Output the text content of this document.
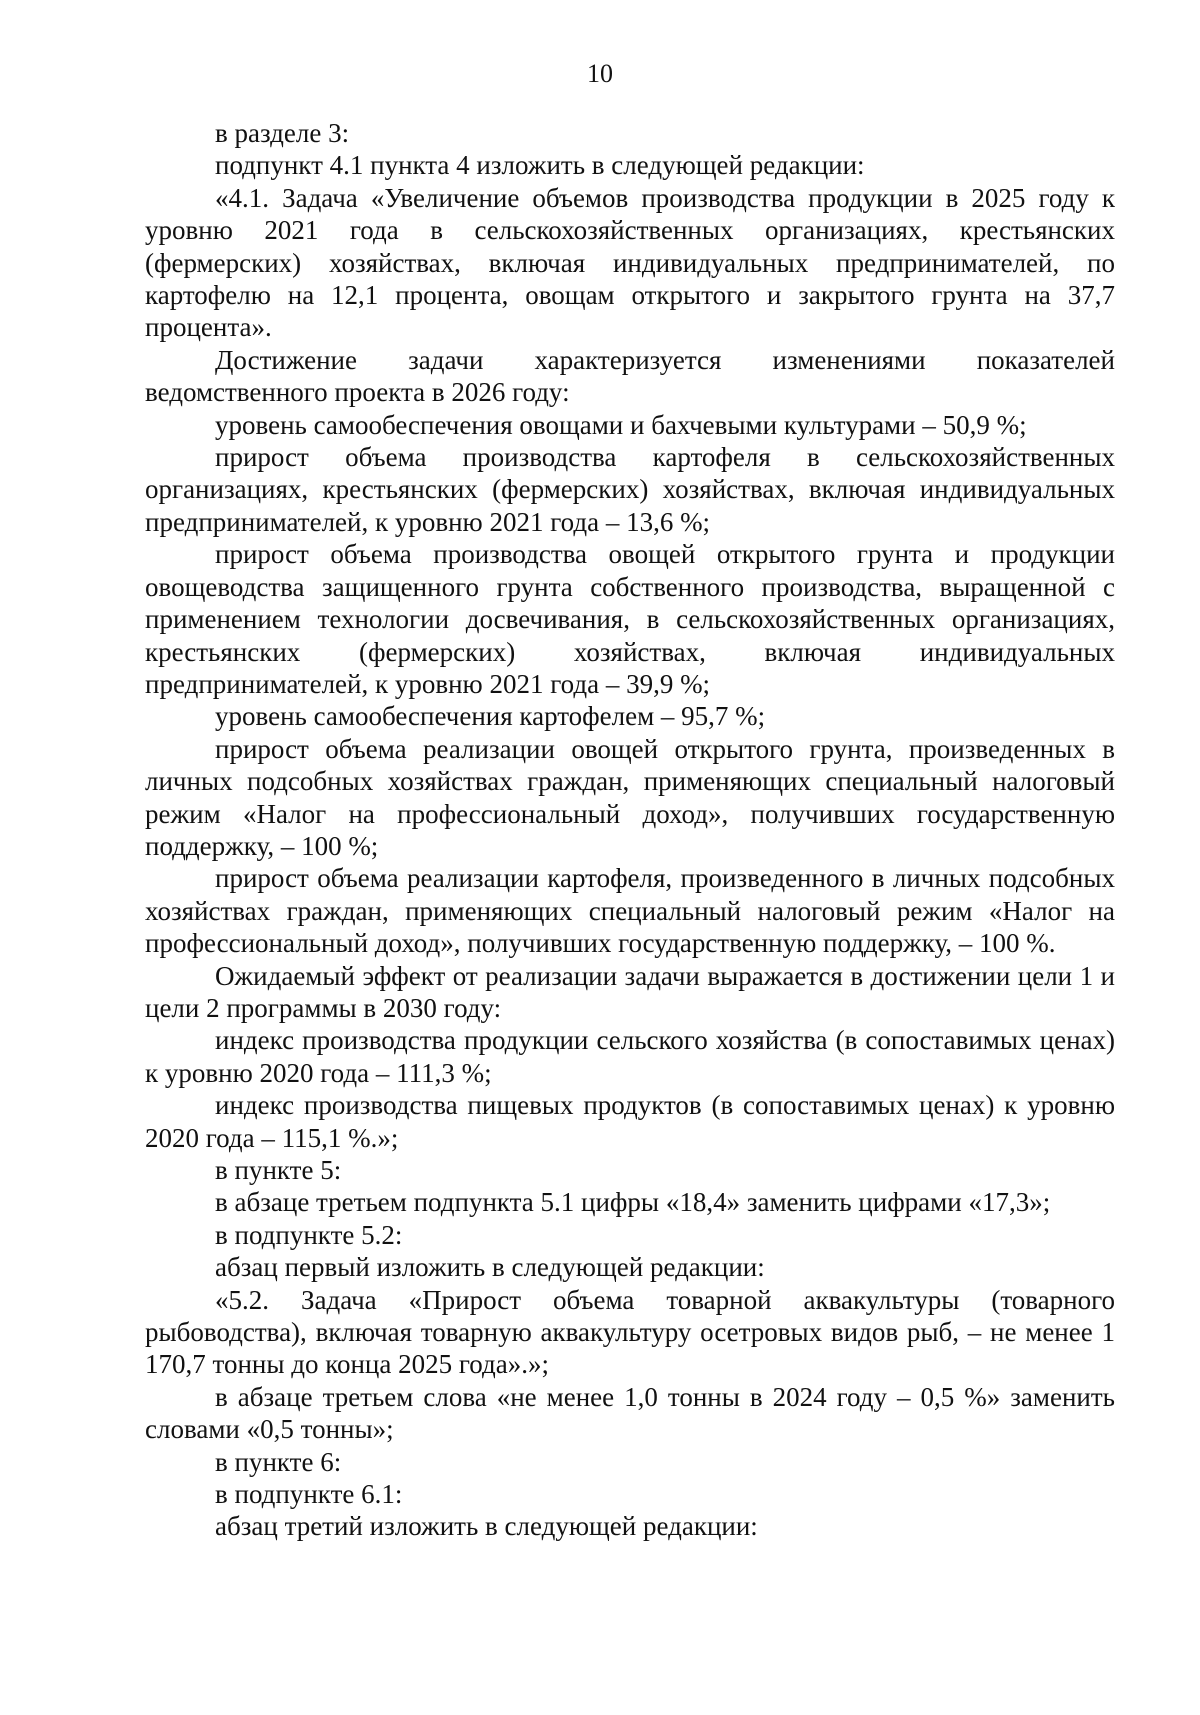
10

в разделе 3:

подпункт 4.1 пункта 4 изложить в следующей редакции:

«4.1. Задача «Увеличение объемов производства продукции в 2025 году к уровню 2021 года в сельскохозяйственных организациях, крестьянских (фермерских) хозяйствах, включая индивидуальных предпринимателей, по картофелю на 12,1 процента, овощам открытого и закрытого грунта на 37,7 процента».

Достижение задачи характеризуется изменениями показателей ведомственного проекта в 2026 году:

уровень самообеспечения овощами и бахчевыми культурами – 50,9 %;

прирост объема производства картофеля в сельскохозяйственных организациях, крестьянских (фермерских) хозяйствах, включая индивидуальных предпринимателей, к уровню 2021 года – 13,6 %;

прирост объема производства овощей открытого грунта и продукции овощеводства защищенного грунта собственного производства, выращенной с применением технологии досвечивания, в сельскохозяйственных организациях, крестьянских (фермерских) хозяйствах, включая индивидуальных предпринимателей, к уровню 2021 года – 39,9 %;

уровень самообеспечения картофелем – 95,7 %;

прирост объема реализации овощей открытого грунта, произведенных в личных подсобных хозяйствах граждан, применяющих специальный налоговый режим «Налог на профессиональный доход», получивших государственную поддержку, – 100 %;

прирост объема реализации картофеля, произведенного в личных подсобных хозяйствах граждан, применяющих специальный налоговый режим «Налог на профессиональный доход», получивших государственную поддержку, – 100 %.

Ожидаемый эффект от реализации задачи выражается в достижении цели 1 и цели 2 программы в 2030 году:

индекс производства продукции сельского хозяйства (в сопоставимых ценах) к уровню 2020 года – 111,3 %;

индекс производства пищевых продуктов (в сопоставимых ценах) к уровню 2020 года – 115,1 %.»;

в пункте 5:

в абзаце третьем подпункта 5.1 цифры «18,4» заменить цифрами «17,3»;

в подпункте 5.2:

абзац первый изложить в следующей редакции:

«5.2. Задача «Прирост объема товарной аквакультуры (товарного рыбоводства), включая товарную аквакультуру осетровых видов рыб, – не менее 1 170,7 тонны до конца 2025 года».»;

в абзаце третьем слова «не менее 1,0 тонны в 2024 году – 0,5 %» заменить словами «0,5 тонны»;

в пункте 6:

в подпункте 6.1:

абзац третий изложить в следующей редакции:
